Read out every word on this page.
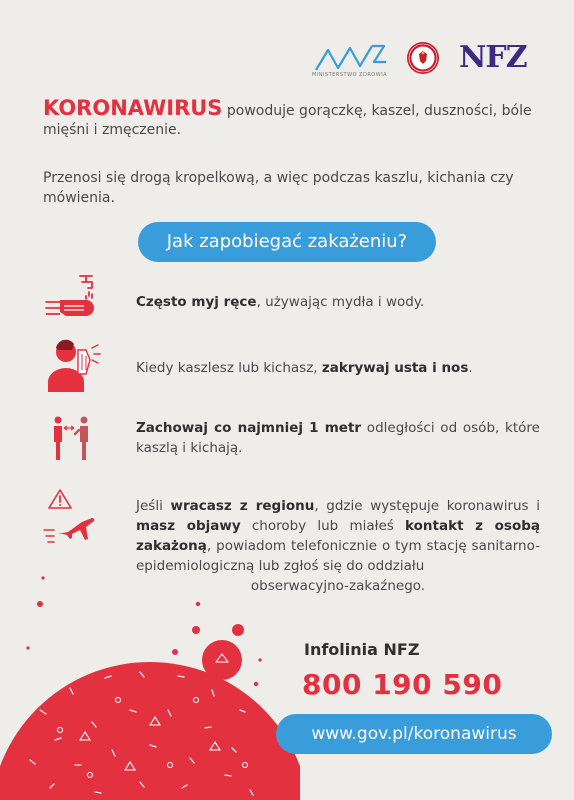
MINISTERSTWO ZDROWIA NFZ
KORONAWIRUS powoduje gorączkę, kaszel, duszności, bóle mięśni i zmęczenie.
Przenosi się drogą kropelkową, a więc podczas kaszlu, kichania czy mówienia.
Jak zapobiegać zakażeniu?
Często myj ręce, używając mydła i wody.
Kiedy kaszlesz lub kichasz, zakrywaj usta i nos.
Zachowaj co najmniej 1 metr odległości od osób, które kaszlą i kichają.
Jeśli wracasz z regionu, gdzie występuje koronawirus i masz objawy choroby lub miałeś kontakt z osobą zakażoną, powiadom telefonicznie o tym stację sanitarno-epidemiologiczną lub zgłoś się do oddziału
obserwacyjno-zakaźnego.
Infolinia NFZ
800 190 590
www.gov.pl/koronawirus
